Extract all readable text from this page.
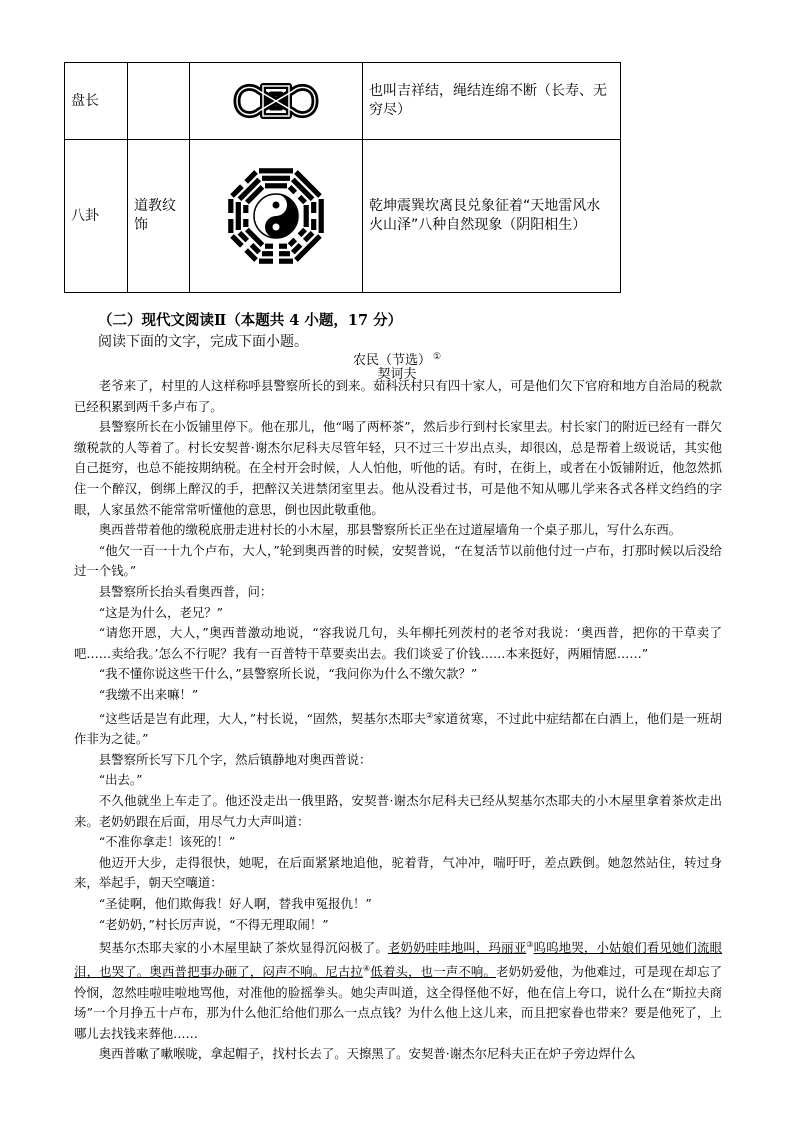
盘长			也叫吉祥结，绳结连绵不断（长寿、无穷尽）
八卦	道教纹饰		乾坤震巽坎离艮兑象征着“天地雷风水火山泽”八种自然现象（阴阳相生）
（二）现代文阅读Ⅱ（本题共 4 小题，17 分）
阅读下面的文字，完成下面小题。
农民（节选） ①
契诃夫

老爷来了，村里的人这样称呼县警察所长的到来。茹科沃村只有四十家人，可是他们欠下官府和地方自治局的税款已经积累到两千多卢布了。

县警察所长在小饭铺里停下。他在那儿，他“喝了两杯茶”，然后步行到村长家里去。村长家门的附近已经有一群欠缴税款的人等着了。村长安契普·谢杰尔尼科夫尽管年轻，只不过三十岁出点头，却很凶，总是帮着上级说话，其实他自己挺穷，也总不能按期纳税。在全村开会时候，人人怕他，听他的话。有时，在街上，或者在小饭铺附近，他忽然抓住一个醉汉，倒绑上醉汉的手，把醉汉关进禁闭室里去。他从没看过书，可是他不知从哪儿学来各式各样文绉绉的字眼，人家虽然不能常常听懂他的意思，倒也因此敬重他。

奥西普带着他的缴税底册走进村长的小木屋，那县警察所长正坐在过道屋墙角一个桌子那儿，写什么东西。

“他欠一百一十九个卢布，大人，”轮到奥西普的时候，安契普说，“在复活节以前他付过一卢布，打那时候以后没给过一个钱。”

县警察所长抬头看奥西普，问：

“这是为什么，老兄？”

“请您开恩，大人，”奥西普激动地说，“容我说几句，头年柳托列茨村的老爷对我说：‘奥西普，把你的干草卖了吧……卖给我。’怎么不行呢？我有一百普特干草要卖出去。我们谈妥了价钱……本来挺好，两厢情愿……”

“我不懂你说这些干什么，”县警察所长说，“我问你为什么不缴欠款？”

“我缴不出来嘛！”

“这些话是岂有此理，大人，”村长说，“固然，契基尔杰耶夫②家道贫寒，不过此中症结都在白酒上，他们是一班胡作非为之徒。”

县警察所长写下几个字，然后镇静地对奥西普说：

“出去。”

不久他就坐上车走了。他还没走出一俄里路，安契普·谢杰尔尼科夫已经从契基尔杰耶夫的小木屋里拿着茶炊走出来。老奶奶跟在后面，用尽气力大声叫道：

“不准你拿走！该死的！”

他迈开大步，走得很快，她呢，在后面紧紧地追他，驼着背，气冲冲，喘吁吁，差点跌倒。她忽然站住，转过身来，举起手，朝天空嚷道：

“圣徒啊，他们欺侮我！好人啊，替我申冤报仇！”

“老奶奶，”村长厉声说，“不得无理取闹！”

契基尔杰耶夫家的小木屋里缺了茶炊显得沉闷极了。老奶奶哇哇地叫，玛丽亚③呜呜地哭，小姑娘们看见她们流眼泪，也哭了。奥西普把事办砸了，闷声不响。尼古拉④低着头，也一声不响。老奶奶爱他，为他难过，可是现在却忘了怜悯，忽然哇啦哇啦地骂他，对准他的脸摇拳头。她尖声叫道，这全得怪他不好，他在信上夸口，说什么在“斯拉夫商场”一个月挣五十卢布，那为什么他汇给他们那么一点点钱？为什么他上这儿来，而且把家眷也带来？要是他死了，上哪儿去找钱来葬他……

奥西普嗽了嗽喉咙，拿起帽子，找村长去了。天擦黑了。安契普·谢杰尔尼科夫正在炉子旁边焊什么
